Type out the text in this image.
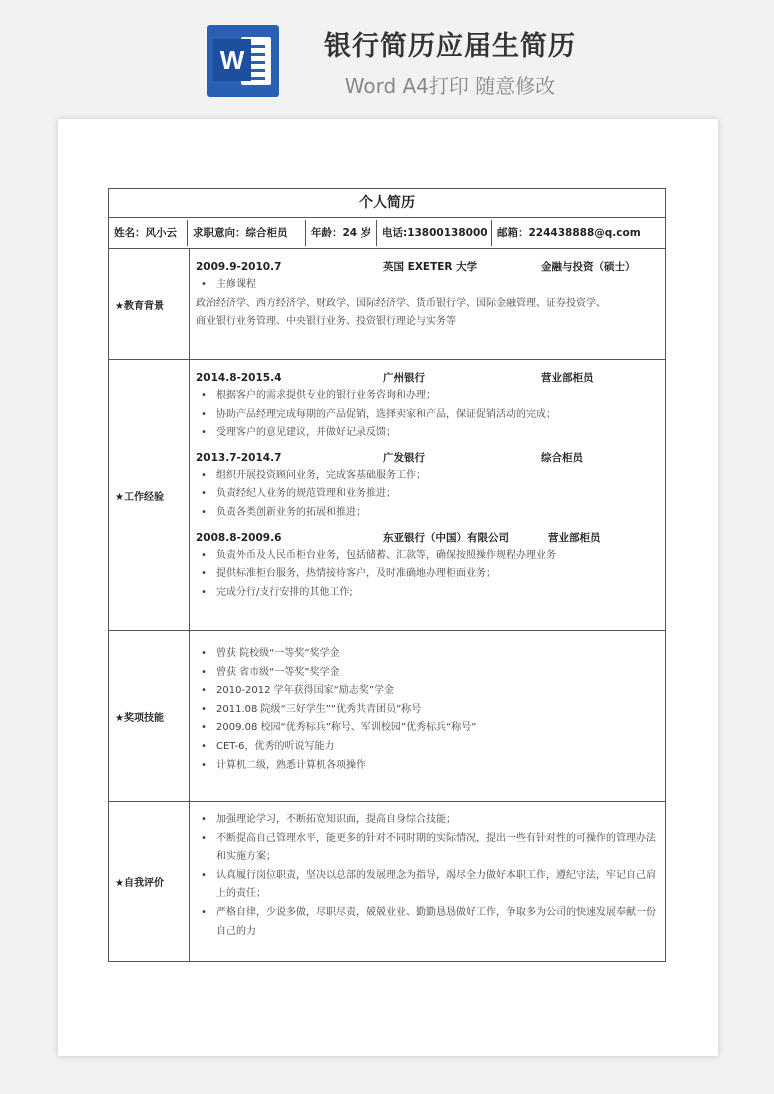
W	银行简历应届生简历
Word A4打印 随意修改
个人简历
姓名：风小云	求职意向：综合柜员	年龄：24 岁	电话:13800138000 邮箱：224438888@q.com
★教育背景
2009.9-2010.7	英国 EXETER 大学	金融与投资（硕士）
• 主修课程
政治经济学、西方经济学、财政学、国际经济学、货币银行学、国际金融管理、证券投资学、
商业银行业务管理、中央银行业务、投资银行理论与实务等
★工作经验
2014.8-2015.4	广州银行	营业部柜员
• 根据客户的需求提供专业的银行业务咨询和办理；
• 协助产品经理完成每期的产品促销，选择卖家和产品，保证促销活动的完成；
• 受理客户的意见建议，并做好记录反馈；
2013.7-2014.7	广发银行	综合柜员
• 组织开展投资顾问业务，完成客基础服务工作；
• 负责经纪人业务的规范管理和业务推进；
• 负责各类创新业务的拓展和推进；
2008.8-2009.6	东亚银行（中国）有限公司	营业部柜员
• 负责外币及人民币柜台业务，包括储蓄、汇款等，确保按照操作规程办理业务
• 提供标准柜台服务，热情接待客户，及时准确地办理柜面业务；
• 完成分行/支行安排的其他工作;
★奖项技能
• 曾获 院校级“一等奖”奖学金
• 曾获 省市级“一等奖”奖学金
• 2010-2012 学年获得国家“励志奖”学金
• 2011.08 院级“三好学生”“优秀共青团员”称号
• 2009.08 校园“优秀标兵”称号、军训校园”优秀标兵“称号”
• CET-6，优秀的听说写能力
• 计算机二级，熟悉计算机各项操作
★自我评价
• 加强理论学习，不断拓宽知识面，提高自身综合技能；
• 不断提高自己管理水平，能更多的针对不同时期的实际情况，提出一些有针对性的可操作的管理办法和实施方案；
• 认真履行岗位职责，坚决以总部的发展理念为指导，竭尽全力做好本职工作，遵纪守法，牢记自己肩上的责任；
• 严格自律，少说多做，尽职尽责，兢兢业业、勤勤恳恳做好工作，争取多为公司的快速发展奉献一份自己的力
